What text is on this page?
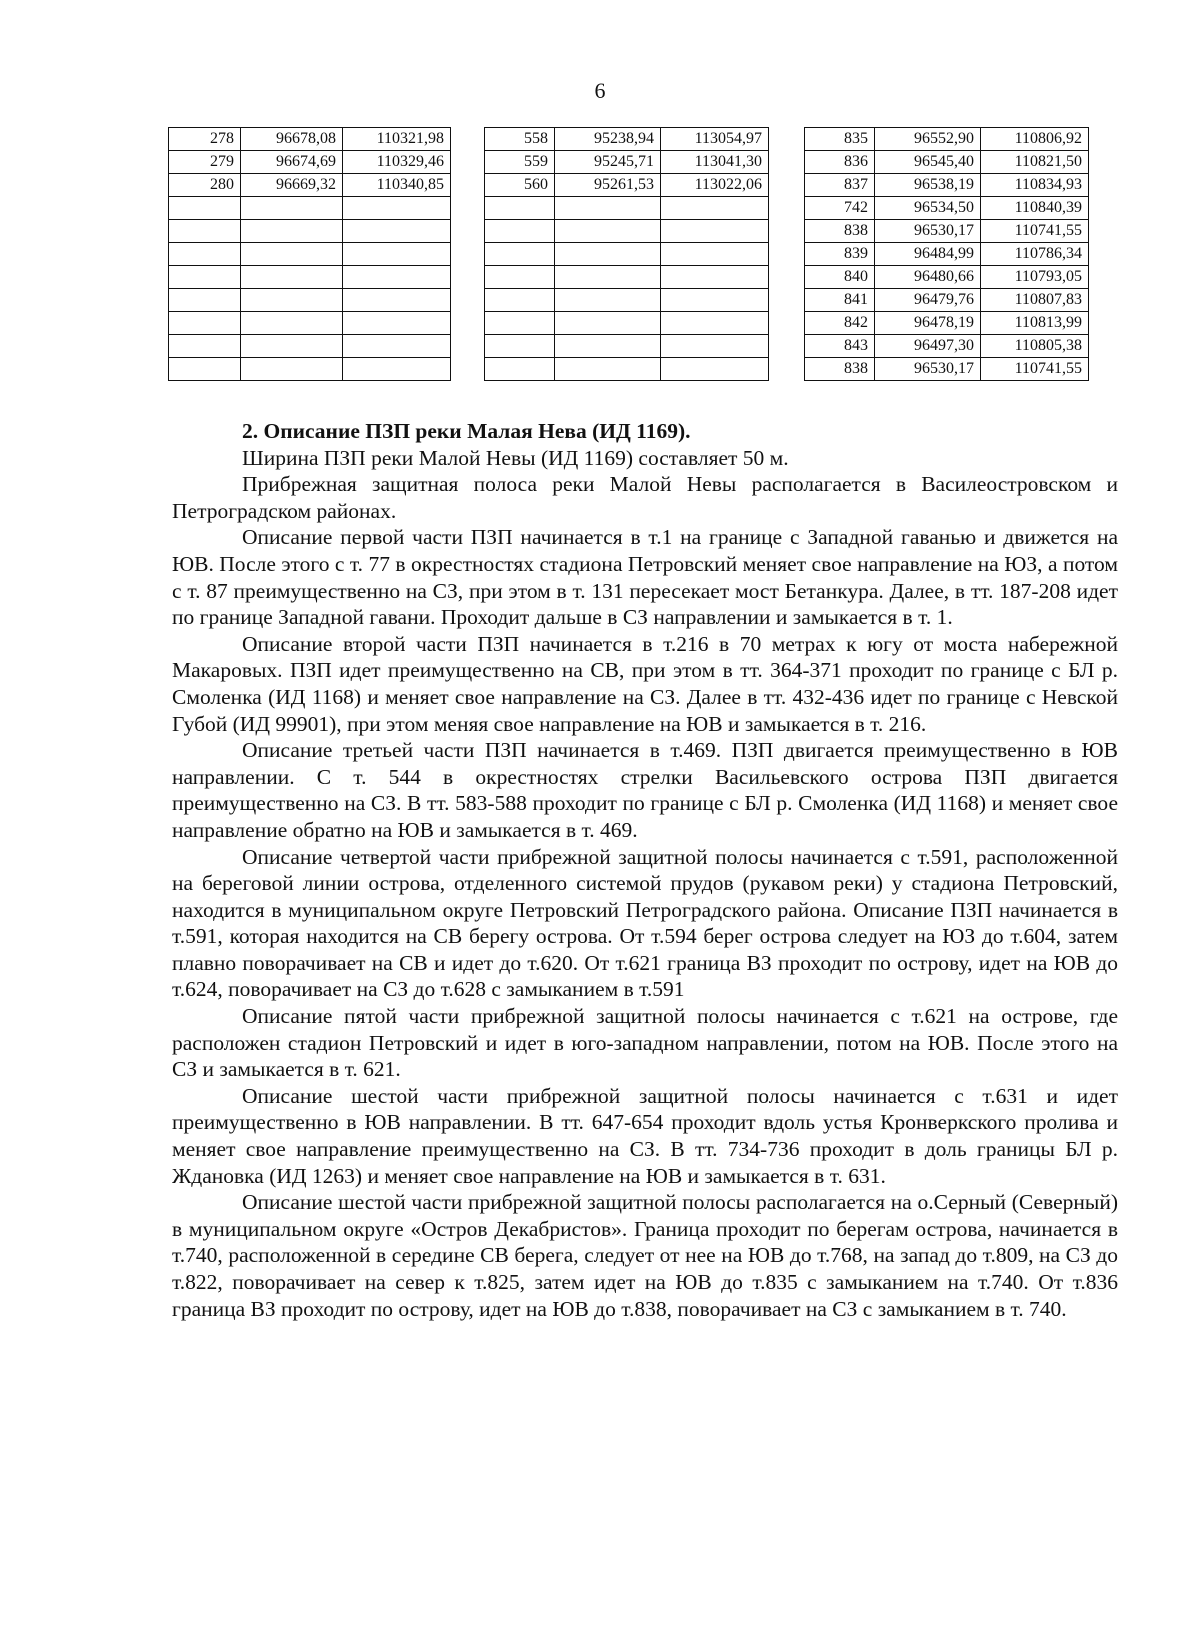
6
278	96678,08	110321,98		558	95238,94	113054,97		835	96552,90	110806,92
279	96674,69	110329,46		559	95245,71	113041,30		836	96545,40	110821,50
280	96669,32	110340,85		560	95261,53	113022,06		837	96538,19	110834,93
								742	96534,50	110840,39
								838	96530,17	110741,55
								839	96484,99	110786,34
								840	96480,66	110793,05
								841	96479,76	110807,83
								842	96478,19	110813,99
								843	96497,30	110805,38
								838	96530,17	110741,55

2. Описание ПЗП реки Малая Нева (ИД 1169).

Ширина ПЗП реки Малой Невы (ИД 1169) составляет 50 м.

Прибрежная защитная полоса реки Малой Невы располагается в Василеостровском и Петроградском районах.

Описание первой части ПЗП начинается в т.1 на границе с Западной гаванью и движется на ЮВ. После этого с т. 77 в окрестностях стадиона Петровский меняет свое направление на ЮЗ, а потом с т. 87 преимущественно на СЗ, при этом в т. 131 пересекает мост Бетанкура. Далее, в тт. 187-208 идет по границе Западной гавани. Проходит дальше в СЗ направлении и замыкается в т. 1.

Описание второй части ПЗП начинается в т.216 в 70 метрах к югу от моста набережной Макаровых. ПЗП идет преимущественно на СВ, при этом в тт. 364-371 проходит по границе с БЛ р. Смоленка (ИД 1168) и меняет свое направление на СЗ. Далее в тт. 432-436 идет по границе с Невской Губой (ИД 99901), при этом меняя свое направление на ЮВ и замыкается в т. 216.

Описание третьей части ПЗП начинается в т.469. ПЗП двигается преимущественно в ЮВ направлении. С т. 544 в окрестностях стрелки Васильевского острова ПЗП двигается преимущественно на СЗ. В тт. 583-588 проходит по границе с БЛ р. Смоленка (ИД 1168) и меняет свое направление обратно на ЮВ и замыкается в т. 469.

Описание четвертой части прибрежной защитной полосы начинается с т.591, расположенной на береговой линии острова, отделенного системой прудов (рукавом реки) у стадиона Петровский, находится в муниципальном округе Петровский Петроградского района. Описание ПЗП начинается в т.591, которая находится на СВ берегу острова. От т.594 берег острова следует на ЮЗ до т.604, затем плавно поворачивает на СВ и идет до т.620. От т.621 граница ВЗ проходит по острову, идет на ЮВ до т.624, поворачивает на СЗ до т.628 с замыканием в т.591

Описание пятой части прибрежной защитной полосы начинается с т.621 на острове, где расположен стадион Петровский и идет в юго-западном направлении, потом на ЮВ. После этого на СЗ и замыкается в т. 621.

Описание шестой части прибрежной защитной полосы начинается с т.631 и идет преимущественно в ЮВ направлении. В тт. 647-654 проходит вдоль устья Кронверкского пролива и меняет свое направление преимущественно на СЗ. В тт. 734-736 проходит в доль границы БЛ р. Ждановка (ИД 1263) и меняет свое направление на ЮВ и замыкается в т. 631.

Описание шестой части прибрежной защитной полосы располагается на о.Серный (Северный) в муниципальном округе «Остров Декабристов». Граница проходит по берегам острова, начинается в т.740, расположенной в середине СВ берега, следует от нее на ЮВ до т.768, на запад до т.809, на СЗ до т.822, поворачивает на север к т.825, затем идет на ЮВ до т.835 с замыканием на т.740. От т.836 граница ВЗ проходит по острову, идет на ЮВ до т.838, поворачивает на СЗ с замыканием в т. 740.
